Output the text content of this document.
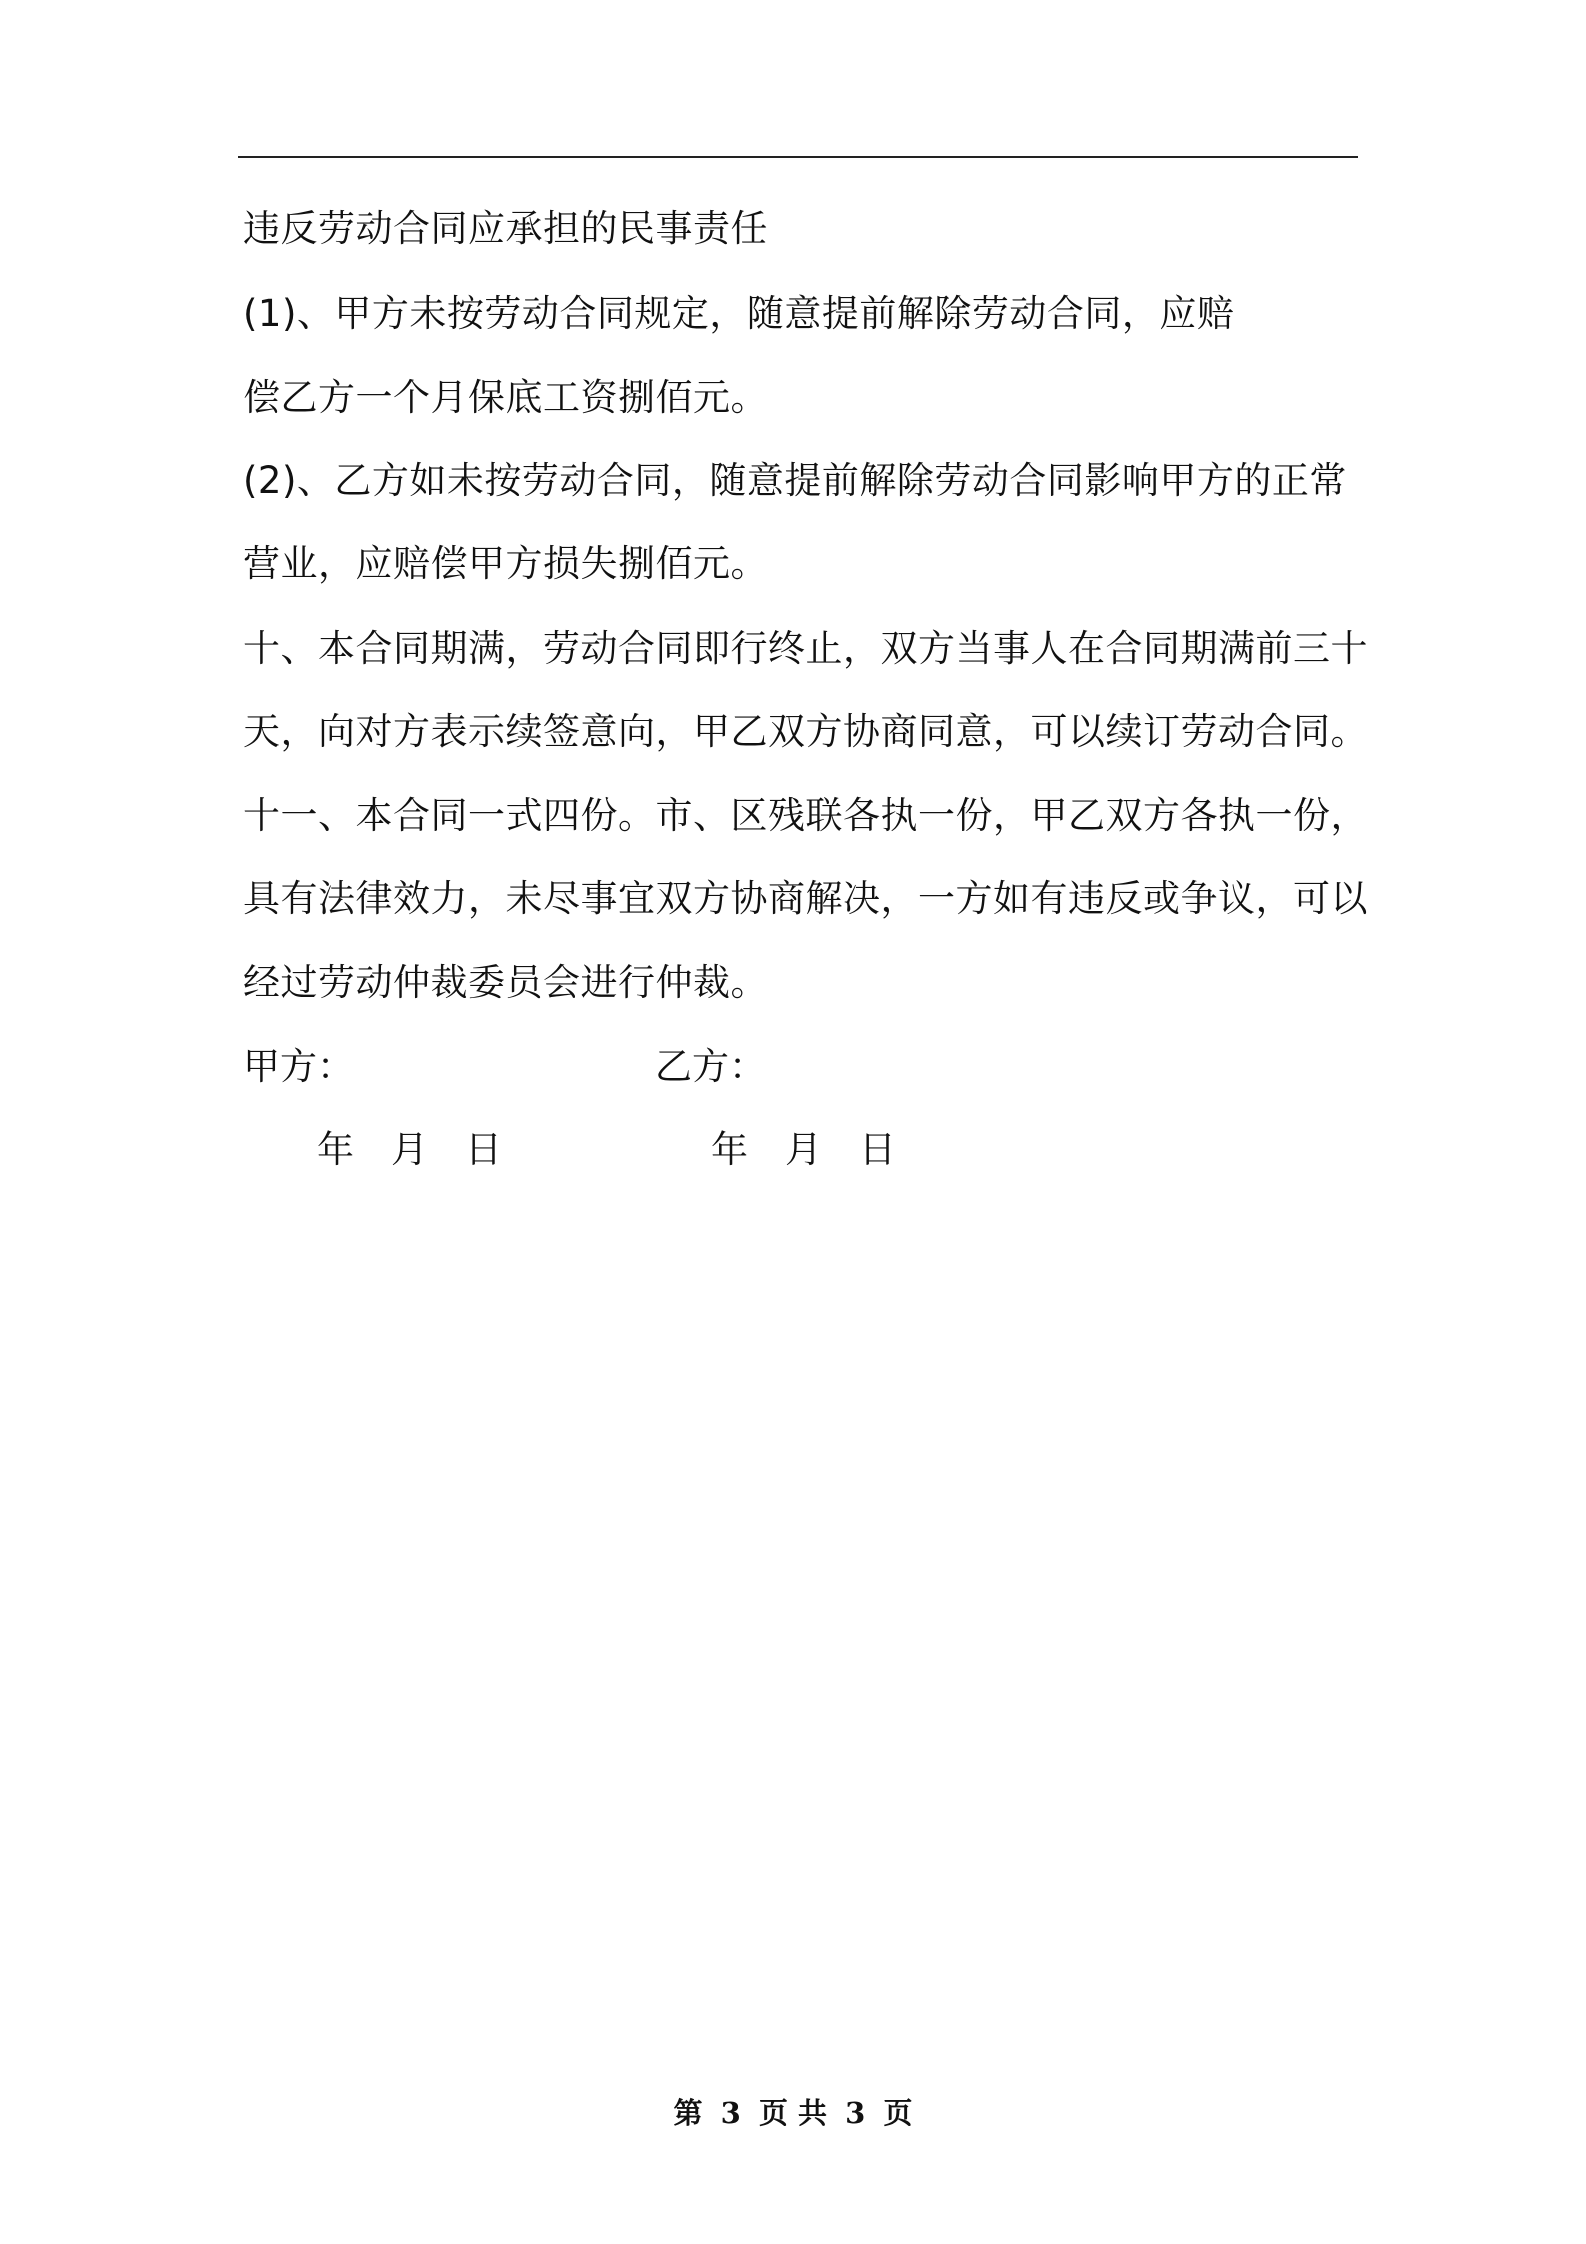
违反劳动合同应承担的民事责任
(1)、甲方未按劳动合同规定，随意提前解除劳动合同，应赔
偿乙方一个月保底工资捌佰元。
(2)、乙方如未按劳动合同，随意提前解除劳动合同影响甲方的正常
营业，应赔偿甲方损失捌佰元。
十、本合同期满，劳动合同即行终止，双方当事人在合同期满前三十
天，向对方表示续签意向，甲乙双方协商同意，可以续订劳动合同。
十一、本合同一式四份。市、区残联各执一份，甲乙双方各执一份，
具有法律效力，未尽事宜双方协商解决，一方如有违反或争议，可以
经过劳动仲裁委员会进行仲裁。
甲方：	乙方：
年 月 日	年 月 日
第 3 页 共 3 页
